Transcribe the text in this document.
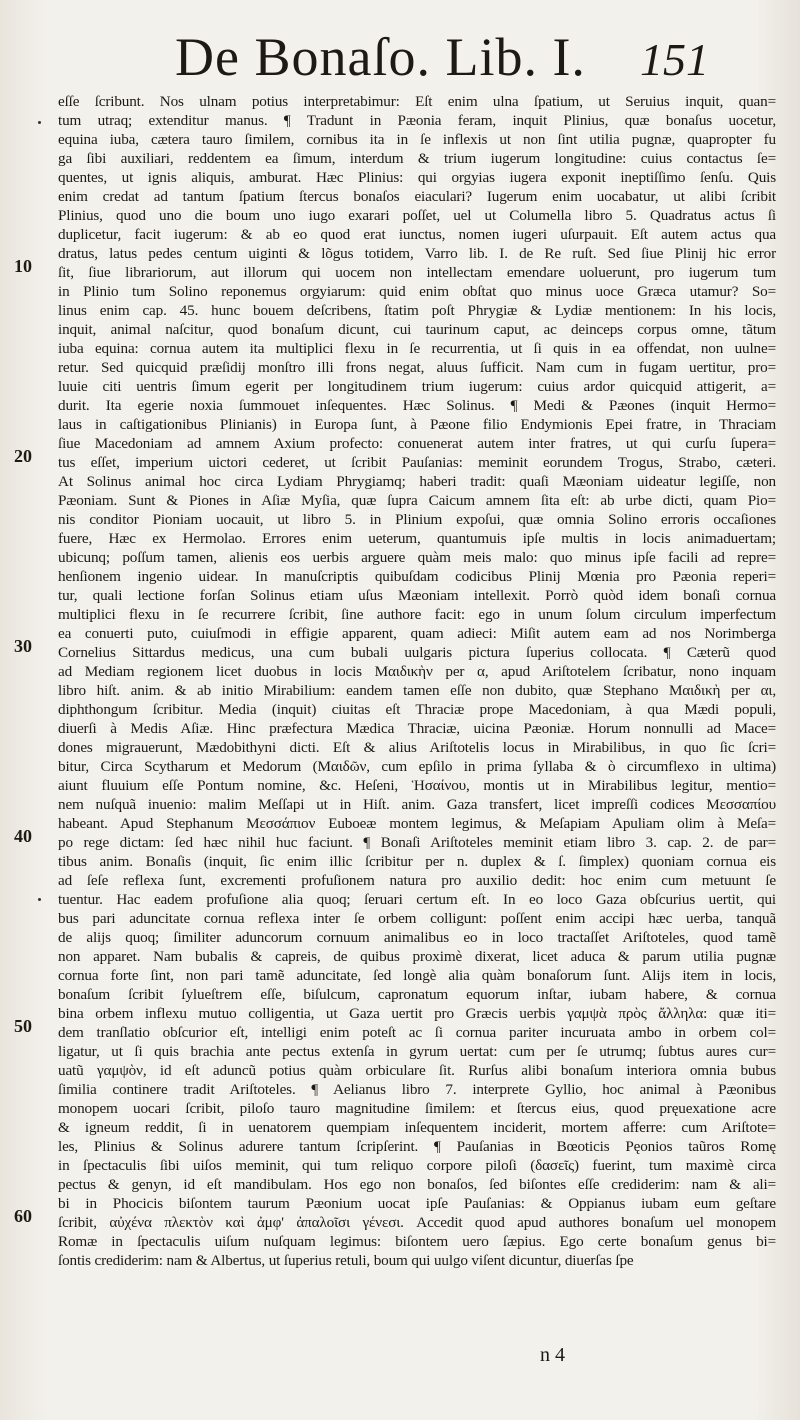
De Bonaſo. Lib. I. 151
10
20
30
40
50
60
eſſe ſcribunt. Nos ulnam potius interpretabimur: Eſt enim ulna ſpatium, ut Seruius inquit, quan=
tum utraq; extenditur manus. ¶ Tradunt in Pæonia feram, inquit Plinius, quæ bonaſus uocetur,
equina iuba, cætera tauro ſimilem, cornibus ita in ſe inflexis ut non ſint utilia pugnæ, quapropter fu
ga ſibi auxiliari, reddentem ea ſimum, interdum & trium iugerum longitudine: cuius contactus ſe=
quentes, ut ignis aliquis, amburat. Hæc Plinius: qui orgyias iugera exponit ineptiſſimo ſenſu. Quis
enim credat ad tantum ſpatium ſtercus bonaſos eiaculari? Iugerum enim uocabatur, ut alibi ſcribit
Plinius, quod uno die boum uno iugo exarari poſſet, uel ut Columella libro 5. Quadratus actus ſi
duplicetur, facit iugerum: & ab eo quod erat iunctus, nomen iugeri uſurpauit. Eſt autem actus qua
dratus, latus pedes centum uiginti & lõgus totidem, Varro lib. I. de Re ruſt. Sed ſiue Plinij hic error
ſit, ſiue librariorum, aut illorum qui uocem non intellectam emendare uoluerunt, pro iugerum tum
in Plinio tum Solino reponemus orgyiarum: quid enim obſtat quo minus uoce Græca utamur? So=
linus enim cap. 45. hunc bouem deſcribens, ſtatim poſt Phrygiæ & Lydiæ mentionem: In his locis,
inquit, animal naſcitur, quod bonaſum dicunt, cui taurinum caput, ac deinceps corpus omne, tãtum
iuba equina: cornua autem ita multiplici flexu in ſe recurrentia, ut ſi quis in ea offendat, non uulne=
retur. Sed quicquid præſidij monſtro illi frons negat, aluus ſufficit. Nam cum in fugam uertitur, pro=
luuie citi uentris ſimum egerit per longitudinem trium iugerum: cuius ardor quicquid attigerit, a=
durit. Ita egerie noxia ſummouet inſequentes. Hæc Solinus. ¶ Medi & Pæones (inquit Hermo=
laus in caſtigationibus Plinianis) in Europa ſunt, à Pæone filio Endymionis Epei fratre, in Thraciam
ſiue Macedoniam ad amnem Axium profecto: conuenerat autem inter fratres, ut qui curſu ſupera=
tus eſſet, imperium uictori cederet, ut ſcribit Pauſanias: meminit eorundem Trogus, Strabo, cæteri.
At Solinus animal hoc circa Lydiam Phrygiamq; haberi tradit: quaſi Mæoniam uideatur legiſſe, non
Pæoniam. Sunt & Piones in Aſiæ Myſia, quæ ſupra Caicum amnem ſita eſt: ab urbe dicti, quam Pio=
nis conditor Pioniam uocauit, ut libro 5. in Plinium expoſui, quæ omnia Solino erroris occaſiones
fuere, Hæc ex Hermolao. Errores enim ueterum, quantumuis ipſe multis in locis animaduertam;
ubicunq; poſſum tamen, alienis eos uerbis arguere quàm meis malo: quo minus ipſe facili ad repre=
henſionem ingenio uidear. In manuſcriptis quibuſdam codicibus Plinij Mœnia pro Pæonia reperi=
tur, quali lectione forſan Solinus etiam uſus Mæoniam intellexit. Porrò quòd idem bonaſi cornua
multiplici flexu in ſe recurrere ſcribit, ſine authore facit: ego in unum ſolum circulum imperfectum
ea conuerti puto, cuiuſmodi in effigie apparent, quam adieci: Miſit autem eam ad nos Norimberga
Cornelius Sittardus medicus, una cum bubali uulgaris pictura ſuperius collocata. ¶ Cæterũ quod
ad Mediam regionem licet duobus in locis Μαιδικὴν per α, apud Ariſtotelem ſcribatur, nono inquam
libro hiſt. anim. & ab initio Mirabilium: eandem tamen eſſe non dubito, quæ Stephano Μαιδικὴ per αι,
diphthongum ſcribitur. Media (inquit) ciuitas eſt Thraciæ prope Macedoniam, à qua Mædi populi,
diuerſi à Medis Aſiæ. Hinc præfectura Mædica Thraciæ, uicina Pæoniæ. Horum nonnulli ad Mace=
dones migrauerunt, Mædobithyni dicti. Eſt & alius Ariſtotelis locus in Mirabilibus, in quo ſic ſcri=
bitur, Circa Scytharum et Medorum (Μαιδῶν, cum epſilo in prima ſyllaba & ò circumflexo in ultima)
aiunt fluuium eſſe Pontum nomine, &c. Heſeni, Ἡσαίνου, montis ut in Mirabilibus legitur, mentio=
nem nuſquã inuenio: malim Meſſapi ut in Hiſt. anim. Gaza transfert, licet impreſſi codices Μεσσαπίου
habeant. Apud Stephanum Μεσσάπιον Euboeæ montem legimus, & Meſapiam Apuliam olim à Meſa=
po rege dictam: ſed hæc nihil huc faciunt. ¶ Bonaſi Ariſtoteles meminit etiam libro 3. cap. 2. de par=
tibus anim. Bonaſis (inquit, ſic enim illic ſcribitur per n. duplex & ſ. ſimplex) quoniam cornua eis
ad ſeſe reflexa ſunt, excrementi profuſionem natura pro auxilio dedit: hoc enim cum metuunt ſe
tuentur. Hac eadem profuſione alia quoq; ſeruari certum eſt. In eo loco Gaza obſcurius uertit, qui
bus pari aduncitate cornua reflexa inter ſe orbem colligunt: poſſent enim accipi hæc uerba, tanquã
de alijs quoq; ſimiliter aduncorum cornuum animalibus eo in loco tractaſſet Ariſtoteles, quod tamẽ
non apparet. Nam bubalis & capreis, de quibus proximè dixerat, licet aduca & parum utilia pugnæ
cornua forte ſint, non pari tamẽ aduncitate, ſed longè alia quàm bonaſorum ſunt. Alijs item in locis,
bonaſum ſcribit ſylueſtrem eſſe, biſulcum, capronatum equorum inſtar, iubam habere, & cornua
bina orbem inflexu mutuo colligentia, ut Gaza uertit pro Græcis uerbis γαμψὰ πρὸς ἄλληλα: quæ iti=
dem tranſlatio obſcurior eſt, intelligi enim poteſt ac ſi cornua pariter incuruata ambo in orbem col=
ligatur, ut ſi quis brachia ante pectus extenſa in gyrum uertat: cum per ſe utrumq; ſubtus aures cur=
uatũ γαμψὸν, id eſt aduncũ potius quàm orbiculare ſit. Rurſus alibi bonaſum interiora omnia bubus
ſimilia continere tradit Ariſtoteles. ¶ Aelianus libro 7. interprete Gyllio, hoc animal à Pæonibus
monopem uocari ſcribit, piloſo tauro magnitudine ſimilem: et ſtercus eius, quod pręuexatione acre
& igneum reddit, ſi in uenatorem quempiam inſequentem inciderit, mortem afferre: cum Ariſtote=
les, Plinius & Solinus adurere tantum ſcripſerint. ¶ Pauſanias in Bœoticis Pęonios taũros Romę
in ſpectaculis ſibi uiſos meminit, qui tum reliquo corpore piloſi (δασεῖς) fuerint, tum maximè circa
pectus & genyn, id eſt mandibulam. Hos ego non bonaſos, ſed biſontes eſſe crediderim: nam & ali=
bi in Phocicis biſontem taurum Pæonium uocat ipſe Pauſanias: & Oppianus iubam eum geſtare
ſcribit, αὐχένα πλεκτὸν καὶ ἀμφ' ἀπαλοῖσι γένεσι. Accedit quod apud authores bonaſum uel monopem
Romæ in ſpectaculis uiſum nuſquam legimus: biſontem uero ſæpius. Ego certe bonaſum genus bi=
ſontis crediderim: nam & Albertus, ut ſuperius retuli, boum qui uulgo viſent dicuntur, diuerſas ſpe
n 4
